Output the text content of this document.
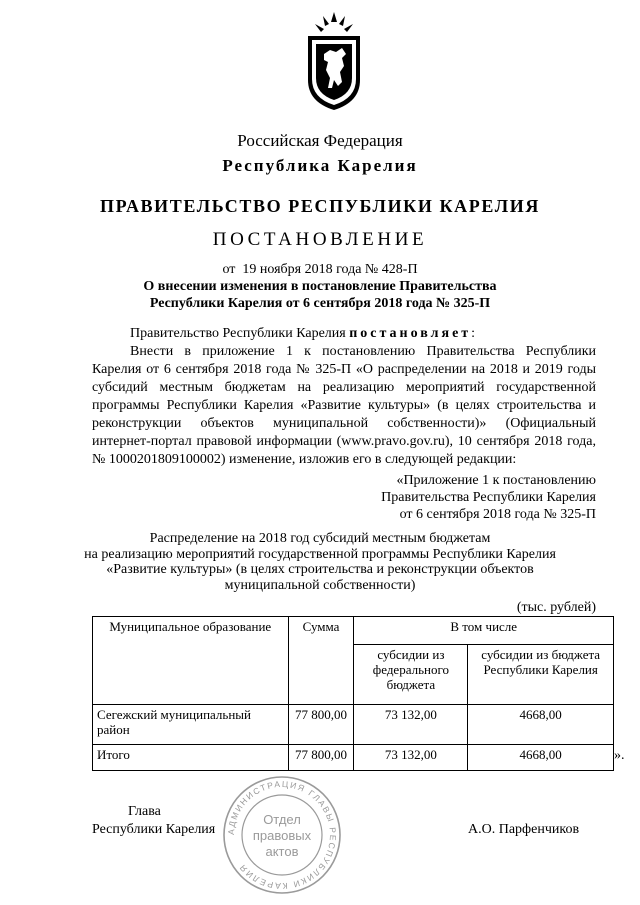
Российская Федерация
Республика Карелия
ПРАВИТЕЛЬСТВО РЕСПУБЛИКИ КАРЕЛИЯ
ПОСТАНОВЛЕНИЕ
от  19 ноября 2018 года № 428-П
О внесении изменения в постановление Правительства
Республики Карелия от 6 сентября 2018 года № 325-П
Правительство Республики Карелия постановляет:
Внести в приложение 1 к постановлению Правительства Республики
Карелия от 6 сентября 2018 года № 325-П «О распределении на 2018 и 2019 годы
субсидий местным бюджетам на реализацию мероприятий государственной
программы Республики Карелия «Развитие культуры» (в целях строительства и
реконструкции объектов муниципальной собственности)» (Официальный
интернет-портал правовой информации (www.pravo.gov.ru), 10 сентября 2018 года,
№ 1000201809100002) изменение, изложив его в следующей редакции:
«Приложение 1 к постановлению
Правительства Республики Карелия
от 6 сентября 2018 года № 325-П
Распределение на 2018 год субсидий местным бюджетам
на реализацию мероприятий государственной программы Республики Карелия
«Развитие культуры» (в целях строительства и реконструкции объектов
муниципальной собственности)
(тыс. рублей)
Муниципальное образование	Сумма	В том числе	
		субсидии из федерального бюджета	субсидии из бюджета Республики Карелия
Сегежский муниципальный район	77 800,00	73 132,00	4668,00
Итого	77 800,00	73 132,00	4668,00	».
Глава
Республики Карелия	А.О. Парфенчиков
АДМИНИСТРАЦИЯ ГЛАВЫ РЕСПУБЛИКИ КАРЕЛИЯ
Отдел
правовых
актов
